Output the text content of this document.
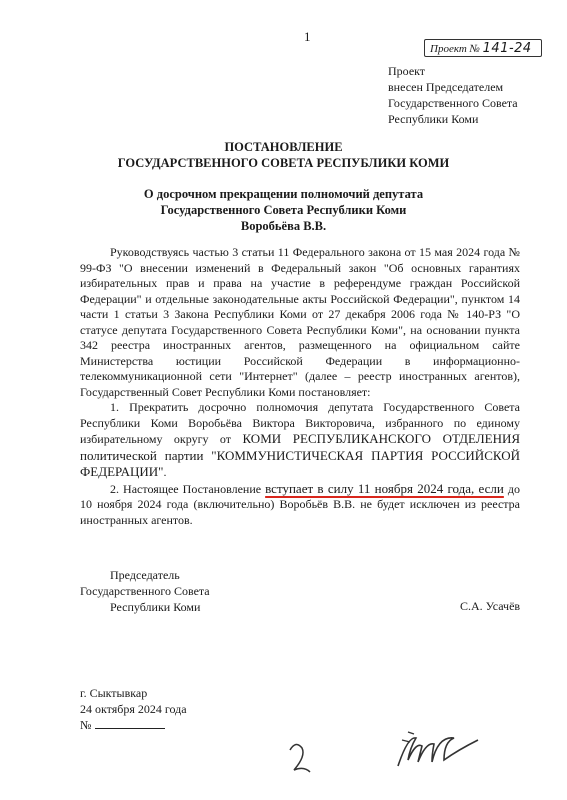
1
Проект № 141-24
Проект
внесен Председателем
Государственного Совета
Республики Коми
ПОСТАНОВЛЕНИЕ
ГОСУДАРСТВЕННОГО СОВЕТА РЕСПУБЛИКИ КОМИ
О досрочном прекращении полномочий депутата
Государственного Совета Республики Коми
Воробьёва В.В.

Руководствуясь частью 3 статьи 11 Федерального закона от 15 мая 2024 года № 99-ФЗ "О внесении изменений в Федеральный закон "Об основных гарантиях избирательных прав и права на участие в референдуме граждан Российской Федерации" и отдельные законодательные акты Российской Федерации", пунктом 14 части 1 статьи 3 Закона Республики Коми от 27 декабря 2006 года № 140-РЗ "О статусе депутата Государственного Совета Республики Коми", на основании пункта 342 реестра иностранных агентов, размещенного на официальном сайте Министерства юстиции Российской Федерации в информационно-телекоммуникационной сети "Интернет" (далее – реестр иностранных агентов), Государственный Совет Республики Коми постановляет:

1. Прекратить досрочно полномочия депутата Государственного Совета Республики Коми Воробьёва Виктора Викторовича, избранного по единому избирательному округу от КОМИ РЕСПУБЛИКАНСКОГО ОТДЕЛЕНИЯ политической партии "КОММУНИСТИЧЕСКАЯ ПАРТИЯ РОССИЙСКОЙ ФЕДЕРАЦИИ".

2. Настоящее Постановление вступает в силу 11 ноября 2024 года, если до 10 ноября 2024 года (включительно) Воробьёв В.В. не будет исключен из реестра иностранных агентов.

Председатель
Государственного Совета
Республики Коми	С.А. Усачёв
г. Сыктывкар
24 октября 2024 года
№
